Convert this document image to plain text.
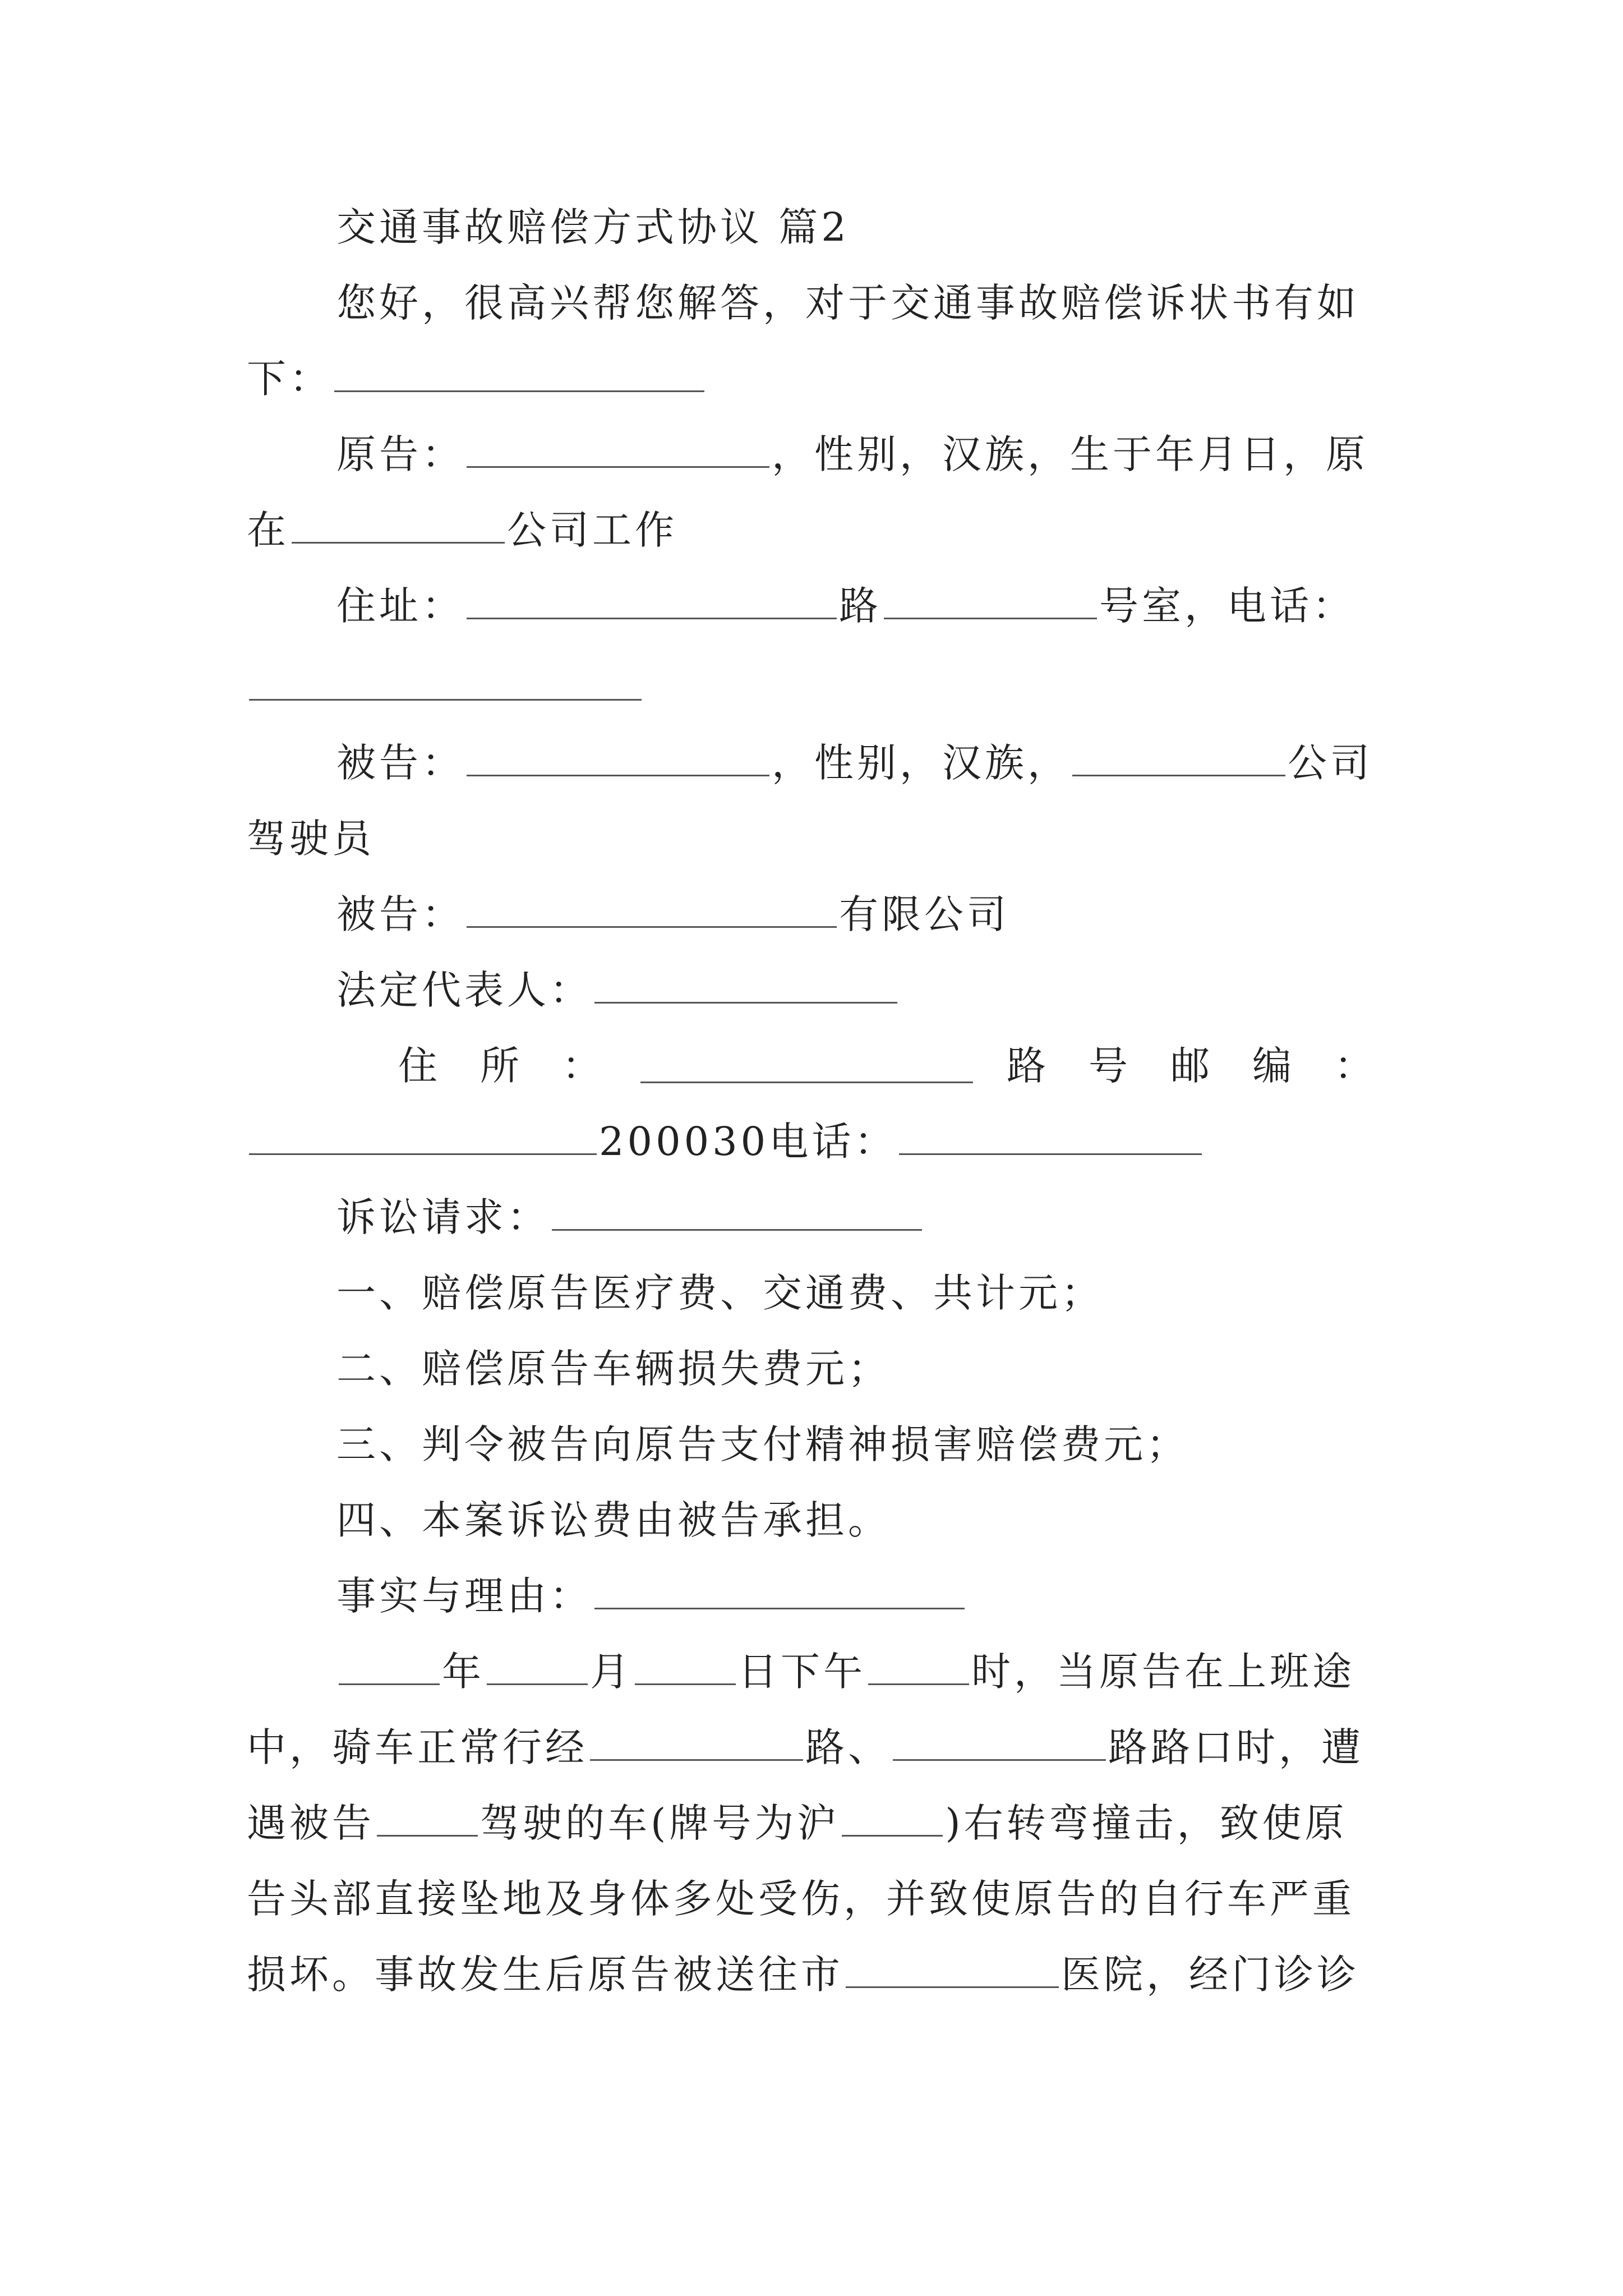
交通事故赔偿方式协议 篇2
您好，很高兴帮您解答，对于交通事故赔偿诉状书有如
下：
原告：	，性别，汉族，生于年月日，原
在	公司工作
住址：	路	号室，电话：
被告：	，性别，汉族，	公司
驾驶员
被告：	有限公司
法定代表人：
住 所 ：	路 号 邮 编 ：
200030电话：
诉讼请求：
一、赔偿原告医疗费、交通费、共计元；
二、赔偿原告车辆损失费元；
三、判令被告向原告支付精神损害赔偿费元；
四、本案诉讼费由被告承担。
事实与理由：
年	月	日下午	时，当原告在上班途
中，骑车正常行经	路、	路路口时，遭
遇被告	驾驶的车(牌号为沪	)右转弯撞击，致使原
告头部直接坠地及身体多处受伤，并致使原告的自行车严重
损坏。事故发生后原告被送往市	医院，经门诊诊
